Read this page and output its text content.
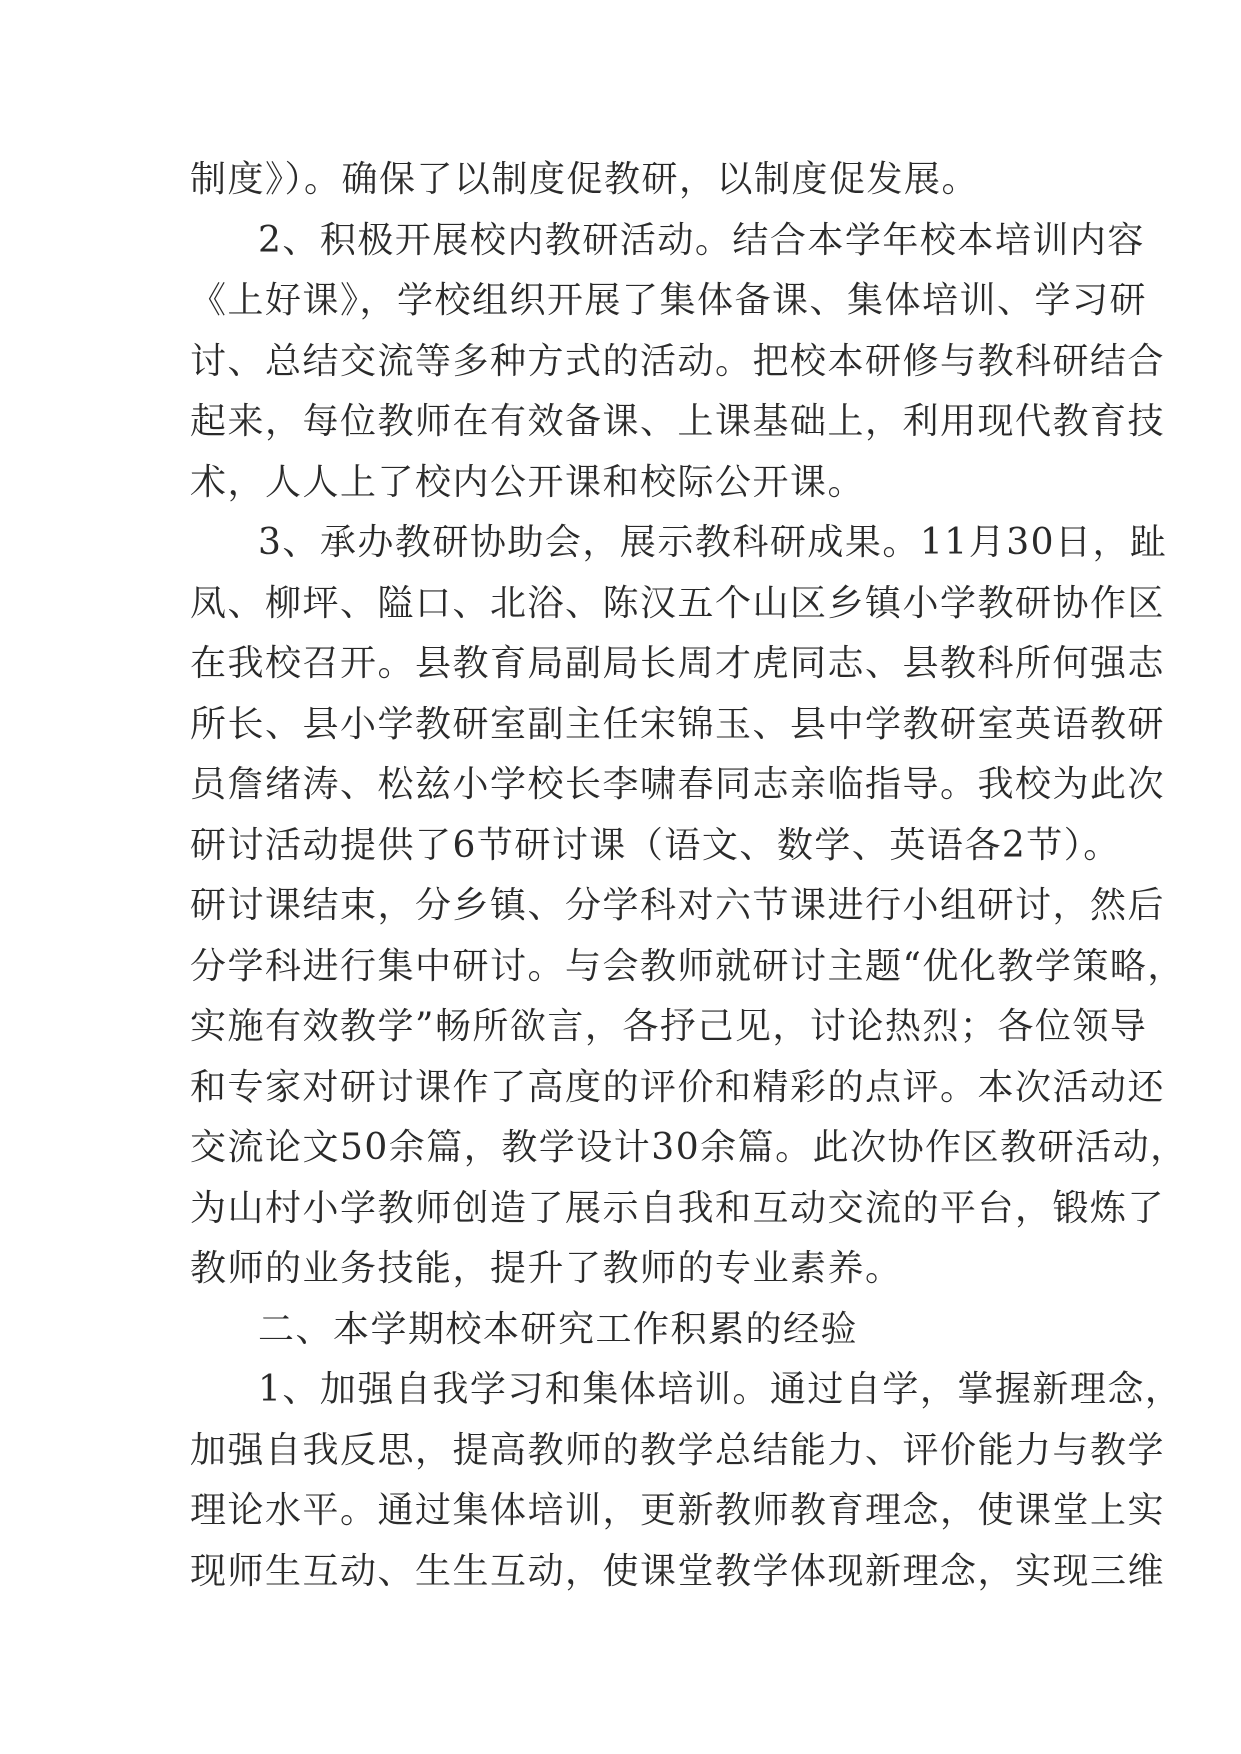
制度》）。确保了以制度促教研，以制度促发展。
2、积极开展校内教研活动。结合本学年校本培训内容
《上好课》，学校组织开展了集体备课、集体培训、学习研
讨、总结交流等多种方式的活动。把校本研修与教科研结合
起来，每位教师在有效备课、上课基础上，利用现代教育技
术，人人上了校内公开课和校际公开课。
3、承办教研协助会，展示教科研成果。11月30日，趾
凤、柳坪、隘口、北浴、陈汉五个山区乡镇小学教研协作区
在我校召开。县教育局副局长周才虎同志、县教科所何强志
所长、县小学教研室副主任宋锦玉、县中学教研室英语教研
员詹绪涛、松兹小学校长李啸春同志亲临指导。我校为此次
研讨活动提供了6节研讨课（语文、数学、英语各2节）。
研讨课结束，分乡镇、分学科对六节课进行小组研讨，然后
分学科进行集中研讨。与会教师就研讨主题“优化教学策略，
实施有效教学”畅所欲言，各抒己见，讨论热烈；各位领导
和专家对研讨课作了高度的评价和精彩的点评。本次活动还
交流论文50余篇，教学设计30余篇。此次协作区教研活动，
为山村小学教师创造了展示自我和互动交流的平台，锻炼了
教师的业务技能，提升了教师的专业素养。
二、本学期校本研究工作积累的经验
1、加强自我学习和集体培训。通过自学，掌握新理念，
加强自我反思，提高教师的教学总结能力、评价能力与教学
理论水平。通过集体培训，更新教师教育理念，使课堂上实
现师生互动、生生互动，使课堂教学体现新理念，实现三维
